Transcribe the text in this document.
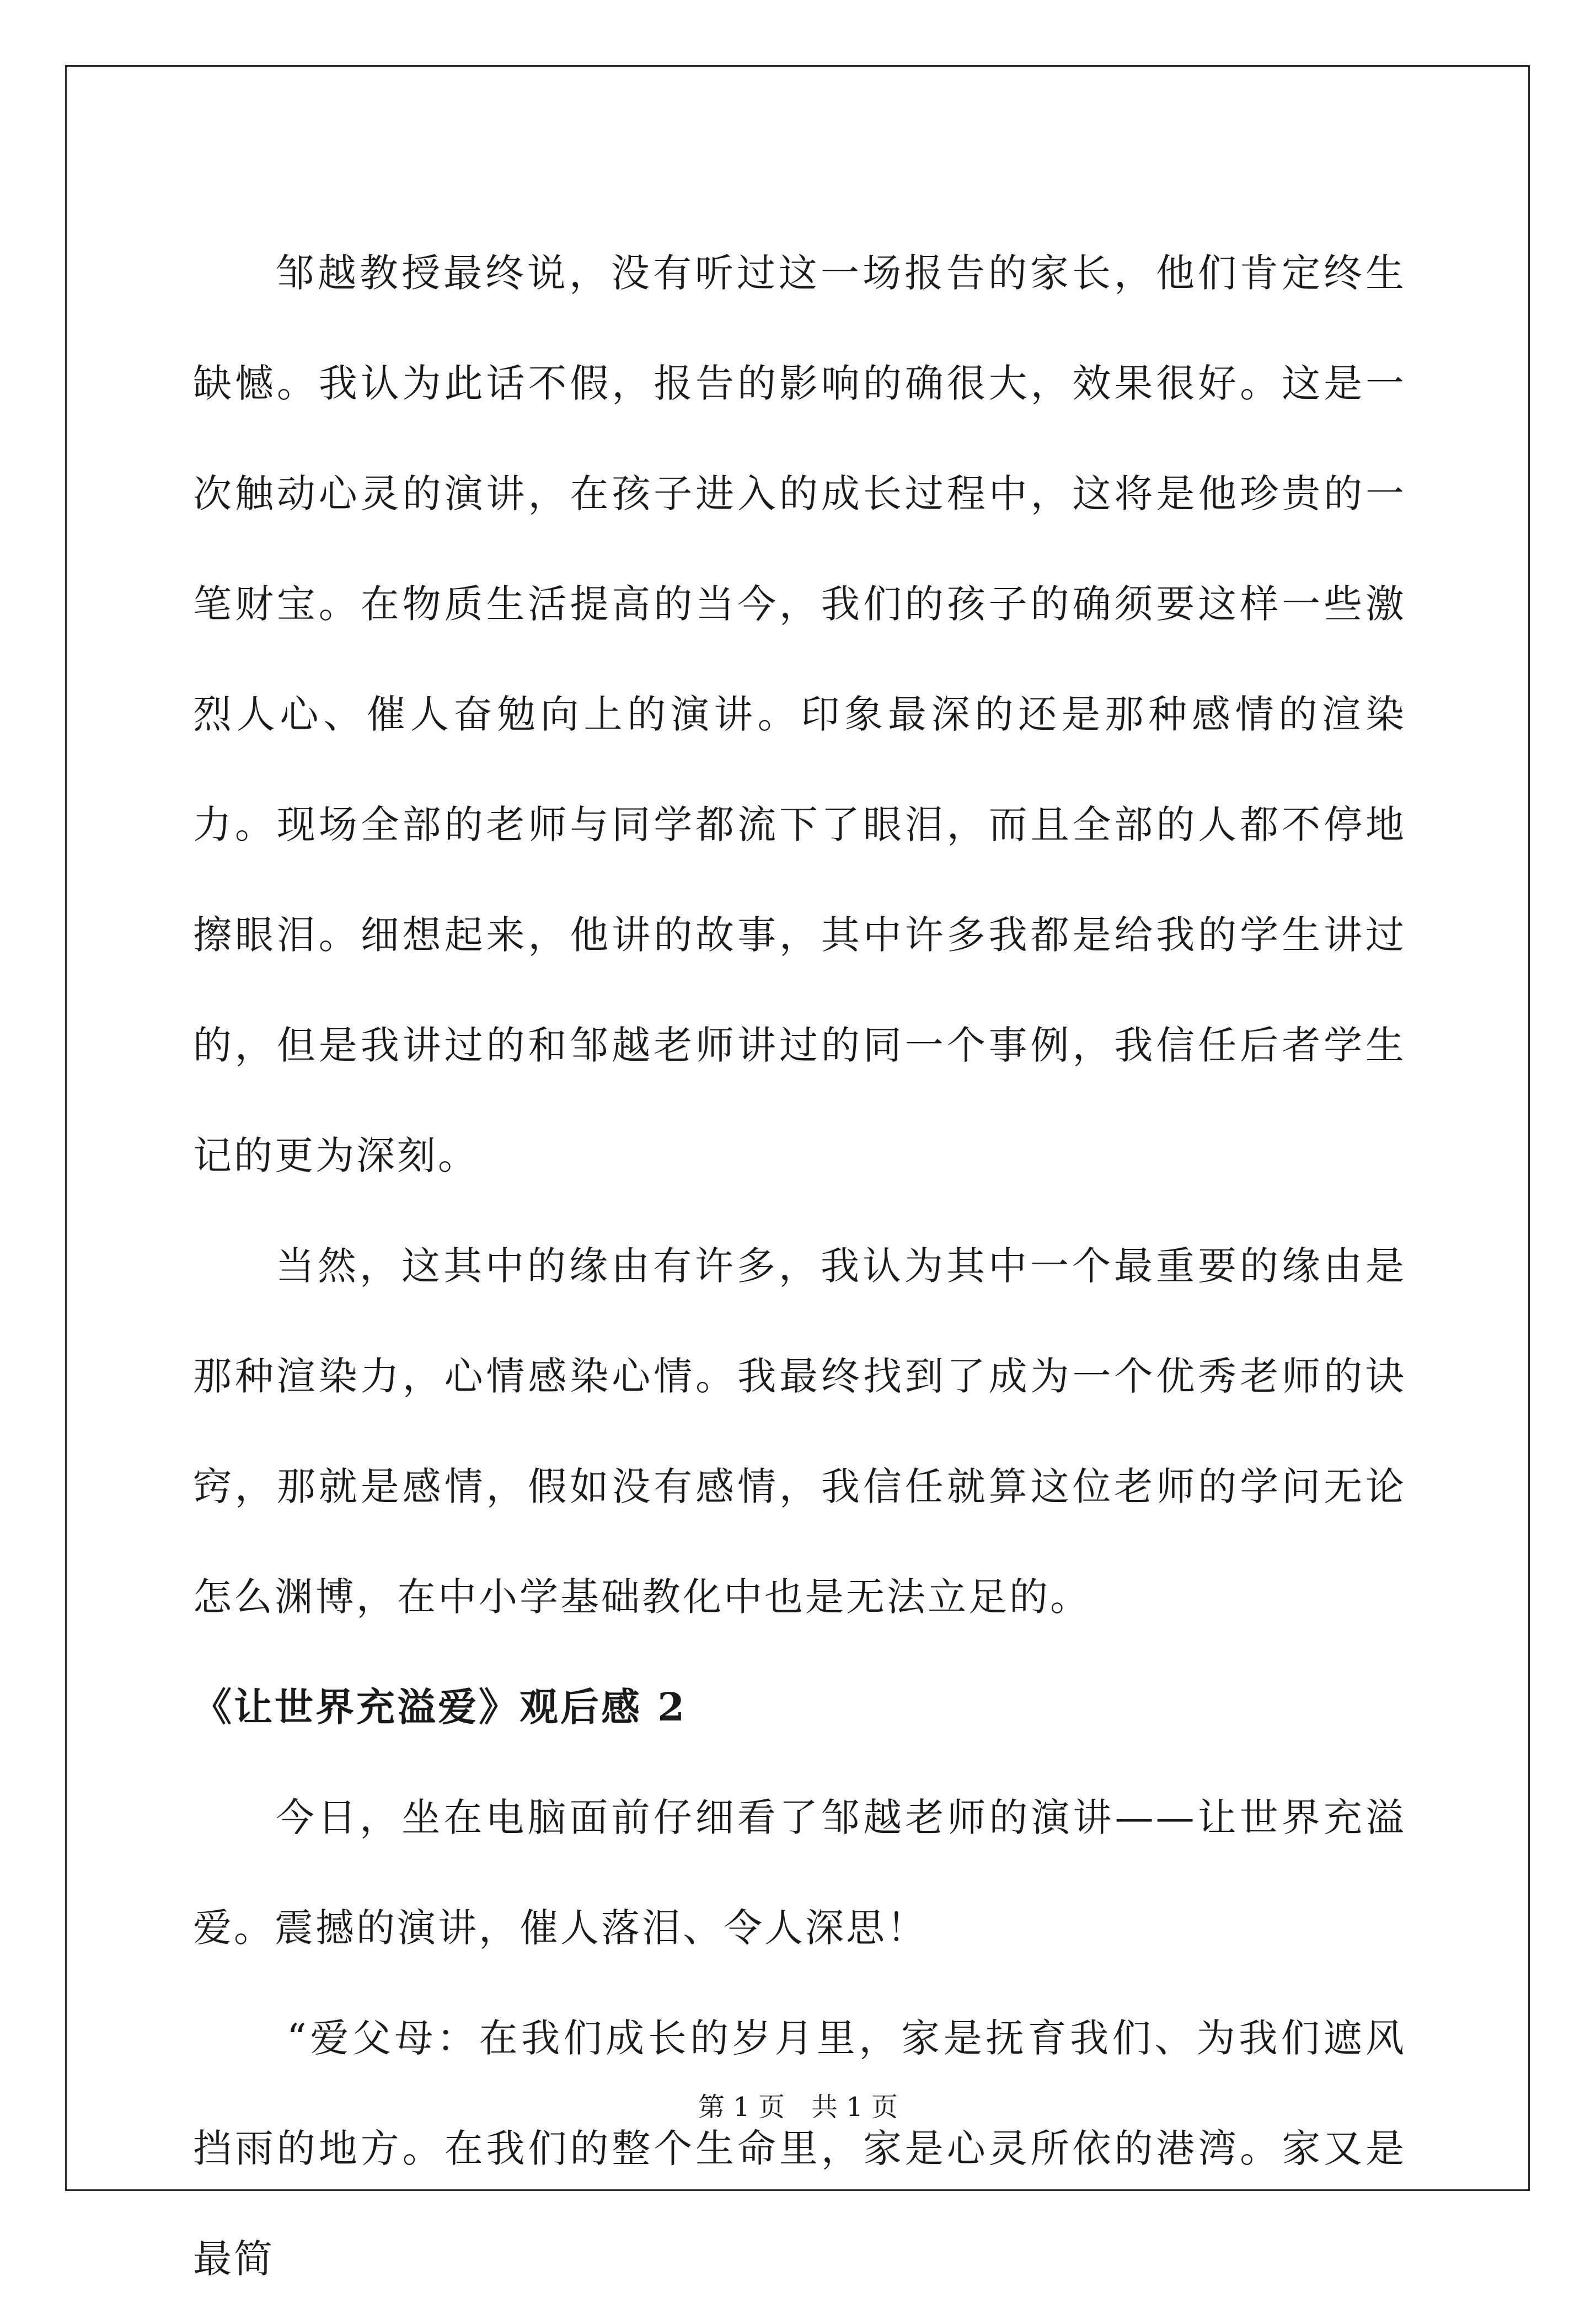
邹越教授最终说，没有听过这一场报告的家长，他们肯定终生缺憾。我认为此话不假，报告的影响的确很大，效果很好。这是一次触动心灵的演讲，在孩子进入的成长过程中，这将是他珍贵的一笔财宝。在物质生活提高的当今，我们的孩子的确须要这样一些激烈人心、催人奋勉向上的演讲。印象最深的还是那种感情的渲染力。现场全部的老师与同学都流下了眼泪，而且全部的人都不停地擦眼泪。细想起来，他讲的故事，其中许多我都是给我的学生讲过的，但是我讲过的和邹越老师讲过的同一个事例，我信任后者学生记的更为深刻。

当然，这其中的缘由有许多，我认为其中一个最重要的缘由是那种渲染力，心情感染心情。我最终找到了成为一个优秀老师的诀窍，那就是感情，假如没有感情，我信任就算这位老师的学问无论怎么渊博，在中小学基础教化中也是无法立足的。

《让世界充溢爱》观后感 2

今日，坐在电脑面前仔细看了邹越老师的演讲——让世界充溢爱。震撼的演讲，催人落泪、令人深思！

“爱父母：在我们成长的岁月里，家是抚育我们、为我们遮风挡雨的地方。在我们的整个生命里，家是心灵所依的港湾。家又是最简

第 1 页 共 1 页
